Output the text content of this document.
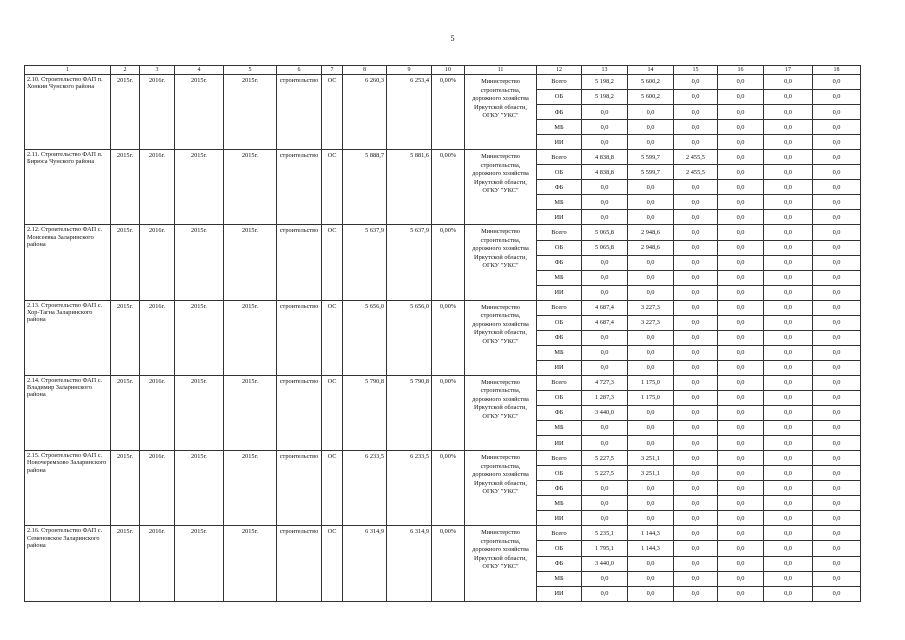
5
1	2	3	4	5	6	7	8	9	10	11	12	13	14	15	16	17	18
2.10. Строительство ФАП п. Хонкин Чунского района	2015г.	2016г.	2015г.	2015г.	строительство	ОС	6 260,3	6 253,4	0,00%	Министерство строительства, дорожного хозяйства Иркутской области, ОГКУ "УКС"	Всего	5 198,2	5 600,2	0,0	0,0	0,0	0,0
											ОБ	5 198,2	5 600,2	0,0	0,0	0,0	0,0
											ФБ	0,0	0,0	0,0	0,0	0,0	0,0
											МБ	0,0	0,0	0,0	0,0	0,0	0,0
											ИИ	0,0	0,0	0,0	0,0	0,0	0,0
2.11. Строительство ФАП п. Бирюса Чунского района	2015г.	2016г.	2015г.	2015г.	строительство	ОС	5 888,7	5 881,6	0,00%	Министерство строительства, дорожного хозяйства Иркутской области, ОГКУ "УКС"	Всего	4 838,8	5 599,7	2 455,5	0,0	0,0	0,0
											ОБ	4 838,8	5 599,7	2 455,5	0,0	0,0	0,0
											ФБ	0,0	0,0	0,0	0,0	0,0	0,0
											МБ	0,0	0,0	0,0	0,0	0,0	0,0
											ИИ	0,0	0,0	0,0	0,0	0,0	0,0
2.12. Строительство ФАП с. Моисеевка Заларинского района	2015г.	2016г.	2015г.	2015г.	строительство	ОС	5 637,9	5 637,9	0,00%	Министерство строительства, дорожного хозяйства Иркутской области, ОГКУ "УКС"	Всего	5 065,8	2 948,6	0,0	0,0	0,0	0,0
											ОБ	5 065,8	2 948,6	0,0	0,0	0,0	0,0
											ФБ	0,0	0,0	0,0	0,0	0,0	0,0
											МБ	0,0	0,0	0,0	0,0	0,0	0,0
											ИИ	0,0	0,0	0,0	0,0	0,0	0,0
2.13. Строительство ФАП с. Хор-Тагна Заларинского района	2015г.	2016г.	2015г.	2015г.	строительство	ОС	5 656,0	5 656,0	0,00%	Министерство строительства, дорожного хозяйства Иркутской области, ОГКУ "УКС"	Всего	4 687,4	3 227,3	0,0	0,0	0,0	0,0
											ОБ	4 687,4	3 227,3	0,0	0,0	0,0	0,0
											ФБ	0,0	0,0	0,0	0,0	0,0	0,0
											МБ	0,0	0,0	0,0	0,0	0,0	0,0
											ИИ	0,0	0,0	0,0	0,0	0,0	0,0
2.14. Строительство ФАП с. Владимир Заларинского района	2015г.	2016г.	2015г.	2015г.	строительство	ОС	5 790,8	5 790,8	0,00%	Министерство строительства, дорожного хозяйства Иркутской области, ОГКУ "УКС"	Всего	4 727,3	1 175,0	0,0	0,0	0,0	0,0
											ОБ	1 287,3	1 175,0	0,0	0,0	0,0	0,0
											ФБ	3 440,0	0,0	0,0	0,0	0,0	0,0
											МБ	0,0	0,0	0,0	0,0	0,0	0,0
											ИИ	0,0	0,0	0,0	0,0	0,0	0,0
2.15. Строительство ФАП с. Новочеремхово Заларинского района	2015г.	2016г.	2015г.	2015г.	строительство	ОС	6 233,5	6 233,5	0,00%	Министерство строительства, дорожного хозяйства Иркутской области, ОГКУ "УКС"	Всего	5 227,5	3 251,1	0,0	0,0	0,0	0,0
											ОБ	5 227,5	3 251,1	0,0	0,0	0,0	0,0
											ФБ	0,0	0,0	0,0	0,0	0,0	0,0
											МБ	0,0	0,0	0,0	0,0	0,0	0,0
											ИИ	0,0	0,0	0,0	0,0	0,0	0,0
2.16. Строительство ФАП с. Семеновское Заларинского района	2015г.	2016г.	2015г.	2015г.	строительство	ОС	6 314,9	6 314,9	0,00%	Министерство строительства, дорожного хозяйства Иркутской области, ОГКУ "УКС"	Всего	5 235,1	1 144,3	0,0	0,0	0,0	0,0
											ОБ	1 795,1	1 144,3	0,0	0,0	0,0	0,0
											ФБ	3 440,0	0,0	0,0	0,0	0,0	0,0
											МБ	0,0	0,0	0,0	0,0	0,0	0,0
											ИИ	0,0	0,0	0,0	0,0	0,0	0,0
